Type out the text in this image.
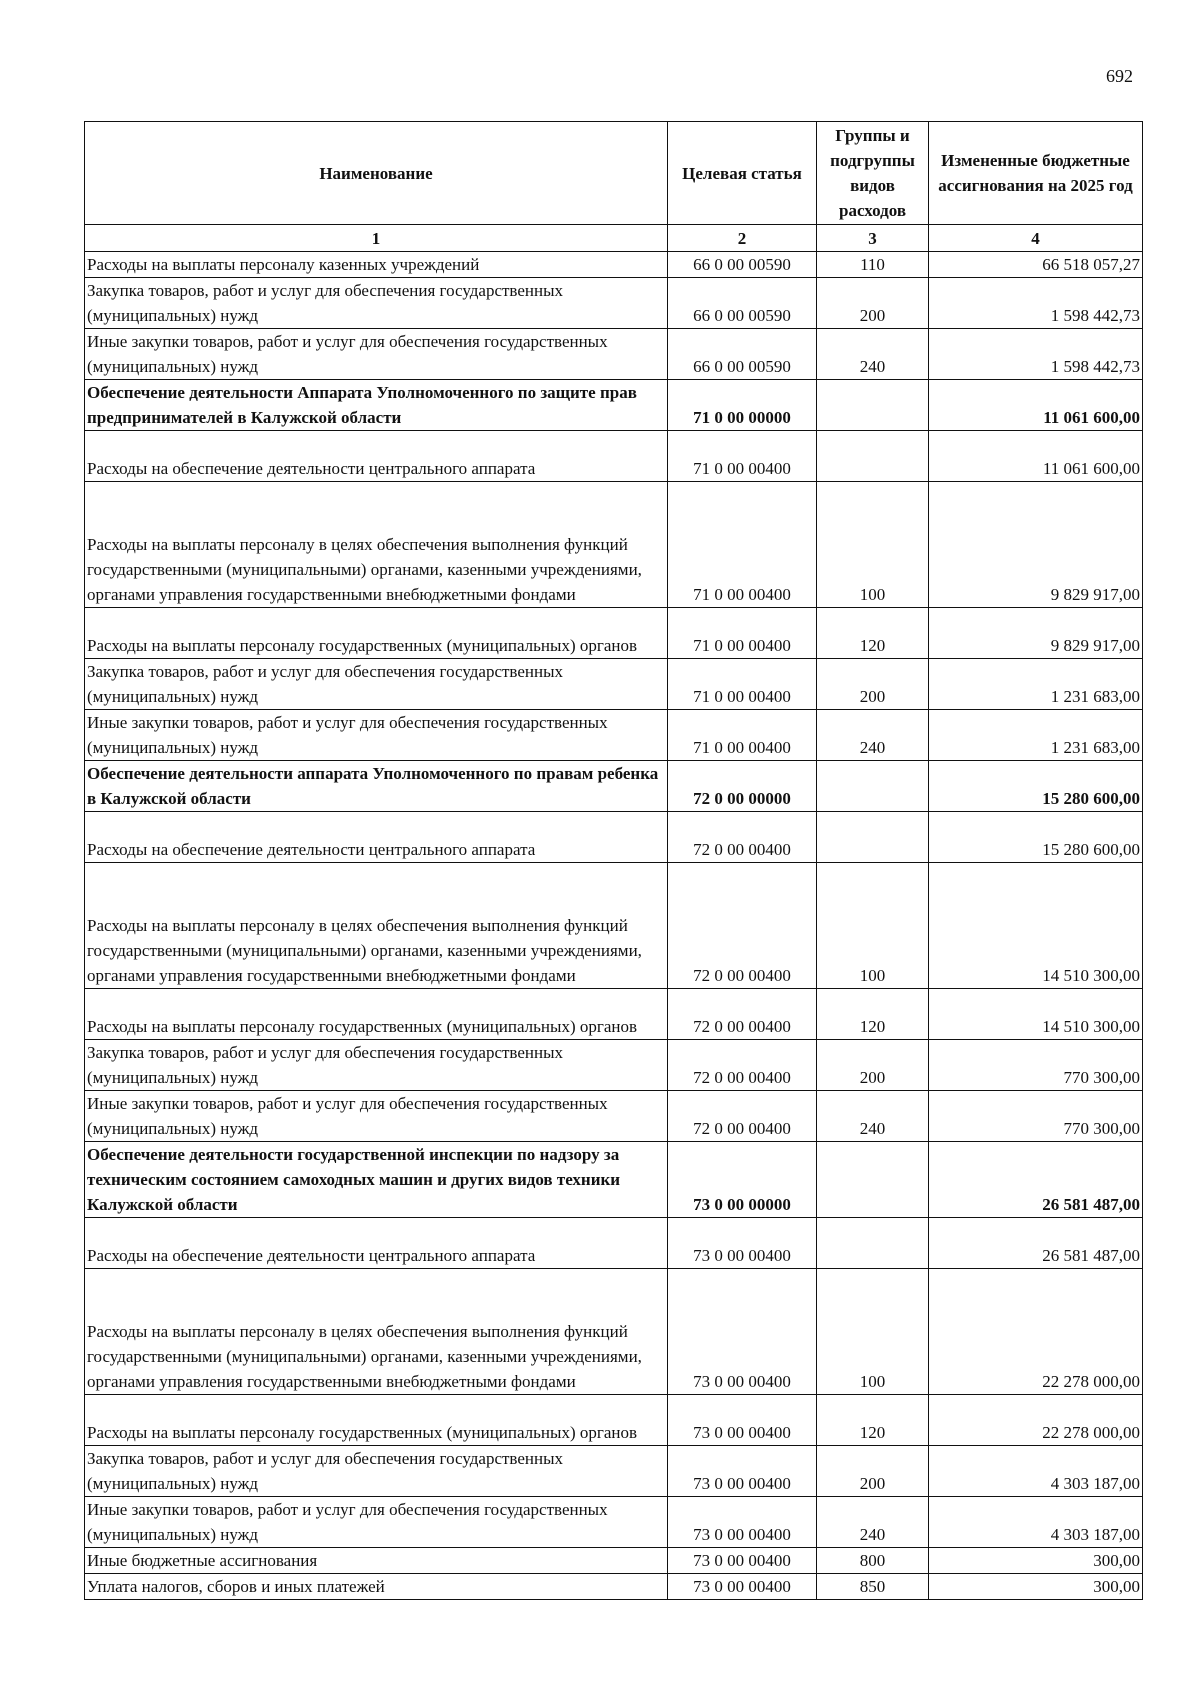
692
Наименование	Целевая статья	Группы и подгруппы видов расходов	Измененные бюджетные ассигнования на 2025 год
1	2	3	4
Расходы на выплаты персоналу казенных учреждений	66 0 00 00590	110	66 518 057,27
Закупка товаров, работ и услуг для обеспечения государственных (муниципальных) нужд	66 0 00 00590	200	1 598 442,73
Иные закупки товаров, работ и услуг для обеспечения государственных (муниципальных) нужд	66 0 00 00590	240	1 598 442,73
Обеспечение деятельности Аппарата Уполномоченного по защите прав предпринимателей в Калужской области	71 0 00 00000		11 061 600,00
Расходы на обеспечение деятельности центрального аппарата	71 0 00 00400		11 061 600,00
Расходы на выплаты персоналу в целях обеспечения выполнения функций государственными (муниципальными) органами, казенными учреждениями, органами управления государственными внебюджетными фондами	71 0 00 00400	100	9 829 917,00
Расходы на выплаты персоналу государственных (муниципальных) органов	71 0 00 00400	120	9 829 917,00
Закупка товаров, работ и услуг для обеспечения государственных (муниципальных) нужд	71 0 00 00400	200	1 231 683,00
Иные закупки товаров, работ и услуг для обеспечения государственных (муниципальных) нужд	71 0 00 00400	240	1 231 683,00
Обеспечение деятельности аппарата Уполномоченного по правам ребенка в Калужской области	72 0 00 00000		15 280 600,00
Расходы на обеспечение деятельности центрального аппарата	72 0 00 00400		15 280 600,00
Расходы на выплаты персоналу в целях обеспечения выполнения функций государственными (муниципальными) органами, казенными учреждениями, органами управления государственными внебюджетными фондами	72 0 00 00400	100	14 510 300,00
Расходы на выплаты персоналу государственных (муниципальных) органов	72 0 00 00400	120	14 510 300,00
Закупка товаров, работ и услуг для обеспечения государственных (муниципальных) нужд	72 0 00 00400	200	770 300,00
Иные закупки товаров, работ и услуг для обеспечения государственных (муниципальных) нужд	72 0 00 00400	240	770 300,00
Обеспечение деятельности государственной инспекции по надзору за техническим состоянием самоходных машин и других видов техники Калужской области	73 0 00 00000		26 581 487,00
Расходы на обеспечение деятельности центрального аппарата	73 0 00 00400		26 581 487,00
Расходы на выплаты персоналу в целях обеспечения выполнения функций государственными (муниципальными) органами, казенными учреждениями, органами управления государственными внебюджетными фондами	73 0 00 00400	100	22 278 000,00
Расходы на выплаты персоналу государственных (муниципальных) органов	73 0 00 00400	120	22 278 000,00
Закупка товаров, работ и услуг для обеспечения государственных (муниципальных) нужд	73 0 00 00400	200	4 303 187,00
Иные закупки товаров, работ и услуг для обеспечения государственных (муниципальных) нужд	73 0 00 00400	240	4 303 187,00
Иные бюджетные ассигнования	73 0 00 00400	800	300,00
Уплата налогов, сборов и иных платежей	73 0 00 00400	850	300,00
